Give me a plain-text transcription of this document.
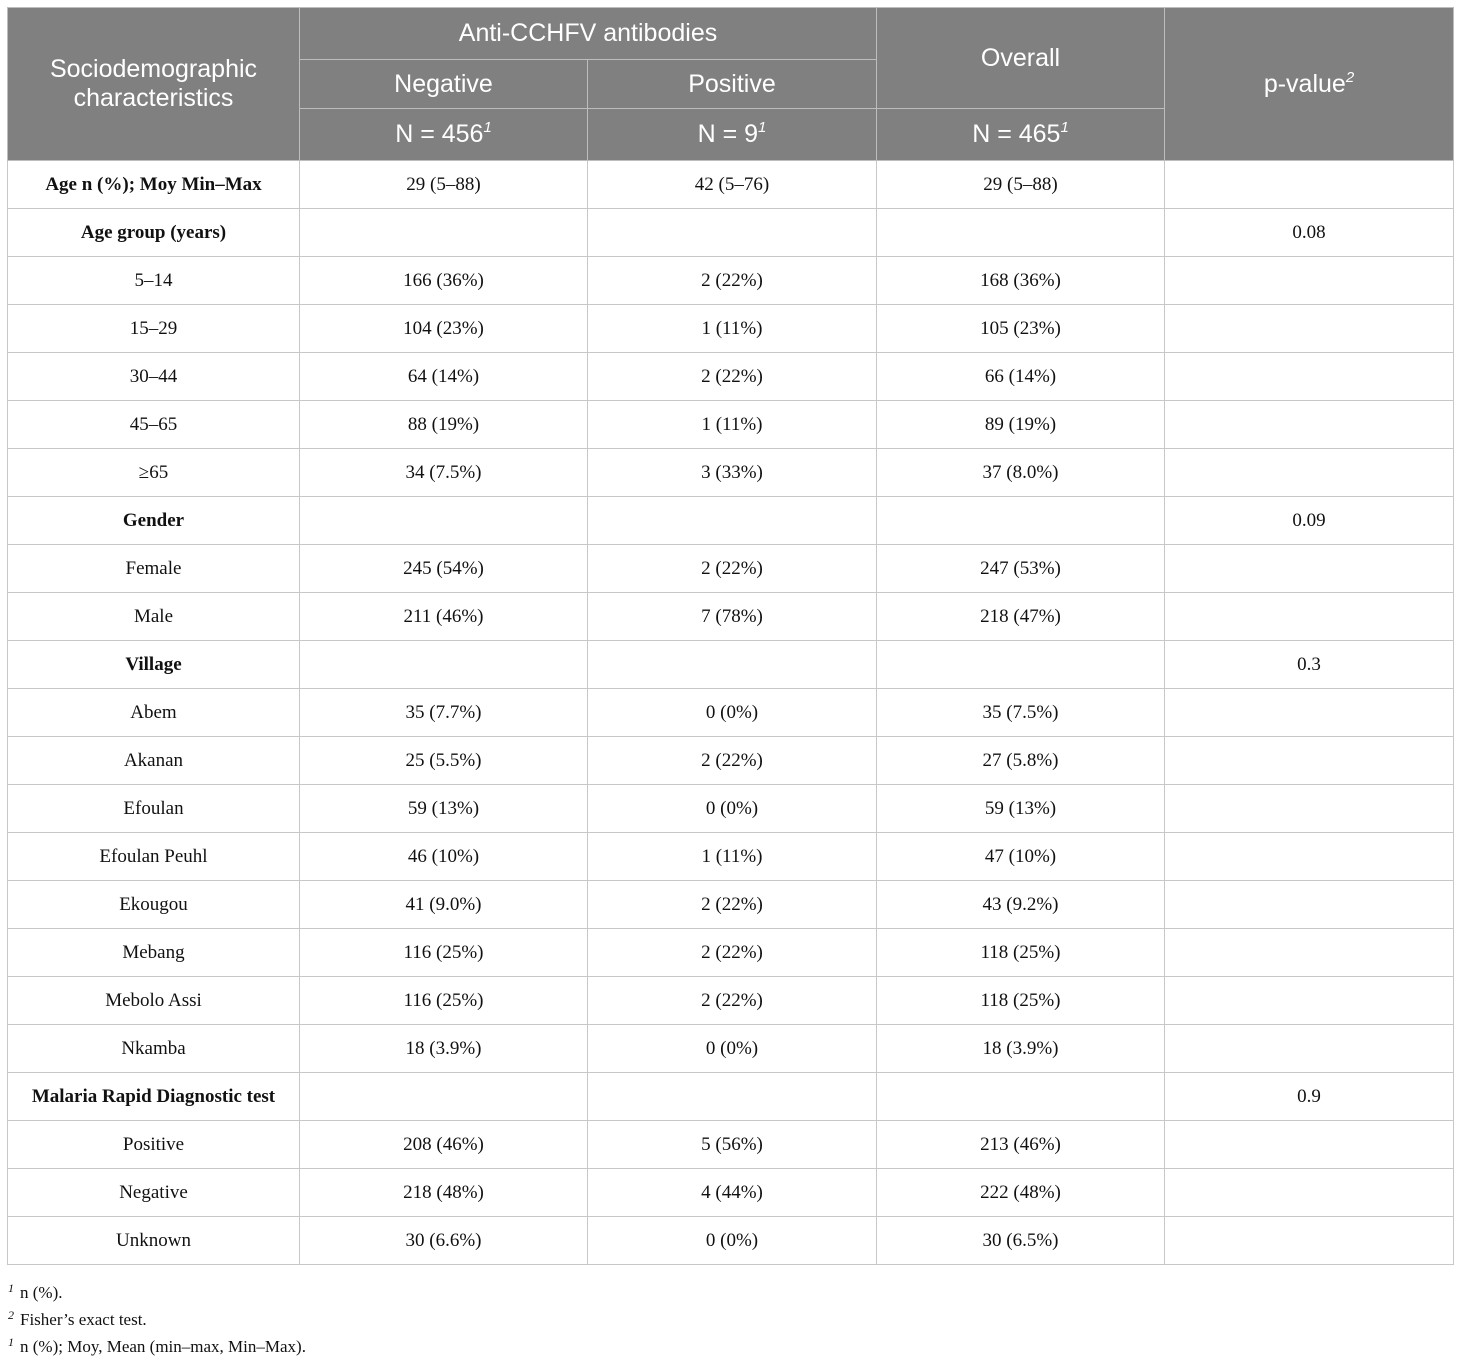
Sociodemographic characteristics	Anti-CCHFV antibodies		Overall	p-value$^2$
	Negative	Positive		
	$N = 456^1$	$N = 9^1$	$N = 465^1$
Age n (%); Moy Min–Max	29 (5–88)	42 (5–76)	29 (5–88)	
Age group (years)				0.08
5–14	166 (36%)	2 (22%)	168 (36%)	
15–29	104 (23%)	1 (11%)	105 (23%)	
30–44	64 (14%)	2 (22%)	66 (14%)	
45–65	88 (19%)	1 (11%)	89 (19%)	
≥65	34 (7.5%)	3 (33%)	37 (8.0%)	
Gender				0.09
Female	245 (54%)	2 (22%)	247 (53%)	
Male	211 (46%)	7 (78%)	218 (47%)	
Village				0.3
Abem	35 (7.7%)	0 (0%)	35 (7.5%)	
Akanan	25 (5.5%)	2 (22%)	27 (5.8%)	
Efoulan	59 (13%)	0 (0%)	59 (13%)	
Efoulan Peuhl	46 (10%)	1 (11%)	47 (10%)	
Ekougou	41 (9.0%)	2 (22%)	43 (9.2%)	
Mebang	116 (25%)	2 (22%)	118 (25%)	
Mebolo Assi	116 (25%)	2 (22%)	118 (25%)	
Nkamba	18 (3.9%)	0 (0%)	18 (3.9%)	
Malaria Rapid Diagnostic test				0.9
Positive	208 (46%)	5 (56%)	213 (46%)	
Negative	218 (48%)	4 (44%)	222 (48%)	
Unknown	30 (6.6%)	0 (0%)	30 (6.5%)	
$^1$ n (%).
$^2$ Fisher’s exact test.
$^1$ n (%); Moy, Mean (min–max, Min–Max).
